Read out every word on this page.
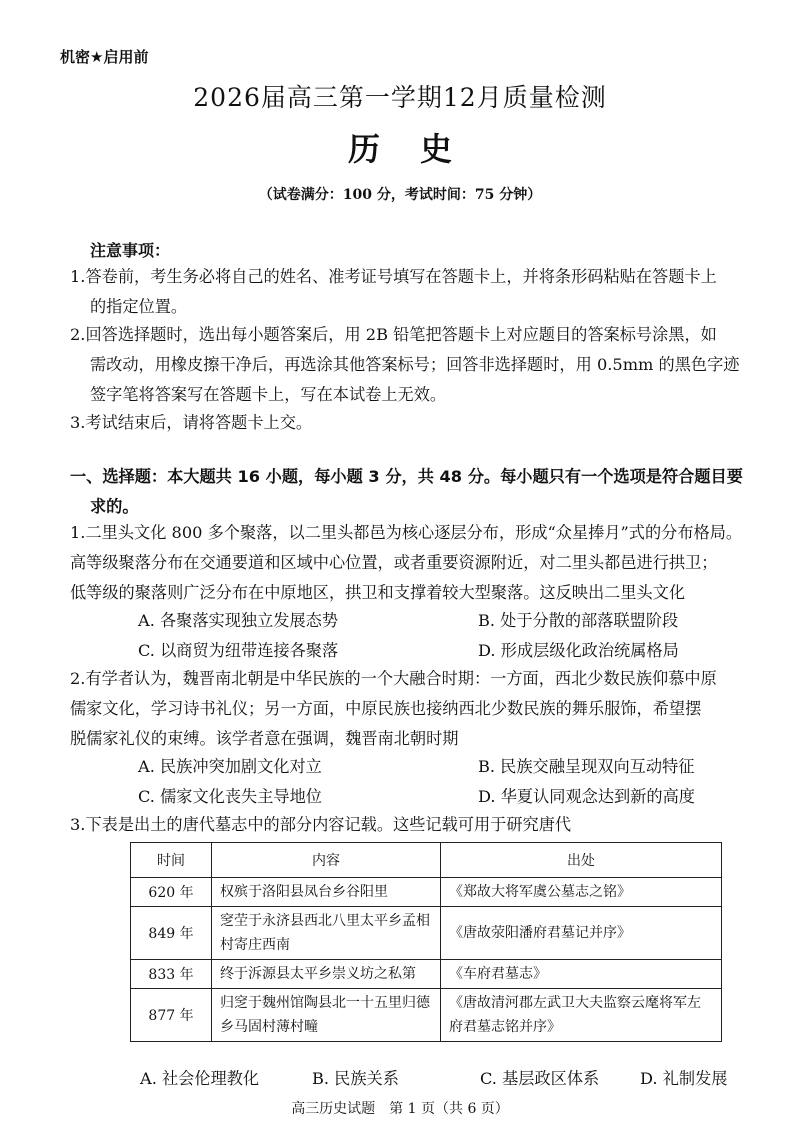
机密★启用前
2026届高三第一学期12月质量检测
历史
（试卷满分：100 分，考试时间：75 分钟）
注意事项：
1.答卷前，考生务必将自己的姓名、准考证号填写在答题卡上，并将条形码粘贴在答题卡上
的指定位置。
2.回答选择题时，选出每小题答案后，用 2B 铅笔把答题卡上对应题目的答案标号涂黑，如
需改动，用橡皮擦干净后，再选涂其他答案标号；回答非选择题时，用 0.5mm 的黑色字迹
签字笔将答案写在答题卡上，写在本试卷上无效。
3.考试结束后，请将答题卡上交。
一、选择题：本大题共 16 小题，每小题 3 分，共 48 分。每小题只有一个选项是符合题目要
求的。
1.二里头文化 800 多个聚落，以二里头都邑为核心逐层分布，形成“众星捧月”式的分布格局。
高等级聚落分布在交通要道和区域中心位置，或者重要资源附近，对二里头都邑进行拱卫；
低等级的聚落则广泛分布在中原地区，拱卫和支撑着较大型聚落。这反映出二里头文化
A. 各聚落实现独立发展态势	B. 处于分散的部落联盟阶段
C. 以商贸为纽带连接各聚落	D. 形成层级化政治统属格局
2.有学者认为，魏晋南北朝是中华民族的一个大融合时期：一方面，西北少数民族仰慕中原
儒家文化，学习诗书礼仪；另一方面，中原民族也接纳西北少数民族的舞乐服饰，希望摆
脱儒家礼仪的束缚。该学者意在强调，魏晋南北朝时期
A. 民族冲突加剧文化对立	B. 民族交融呈现双向互动特征
C. 儒家文化丧失主导地位	D. 华夏认同观念达到新的高度
3.下表是出土的唐代墓志中的部分内容记载。这些记载可用于研究唐代
时间	内容	出处
620 年	权殡于洛阳县凤台乡谷阳里	《郑故大将军虞公墓志之铭》
849 年	窆茔于永济县西北八里太平乡孟相村寄庄西南	《唐故荥阳潘府君墓记并序》
833 年	终于泝源县太平乡崇义坊之私第	《车府君墓志》
877 年	归窆于魏州馆陶县北一十五里归德乡马固村薄村疃	《唐故清河郡左武卫大夫监察云麾将军左府君墓志铭并序》
A. 社会伦理教化	B. 民族关系	C. 基层政区体系	D. 礼制发展
高三历史试题　第 1 页（共 6 页）
